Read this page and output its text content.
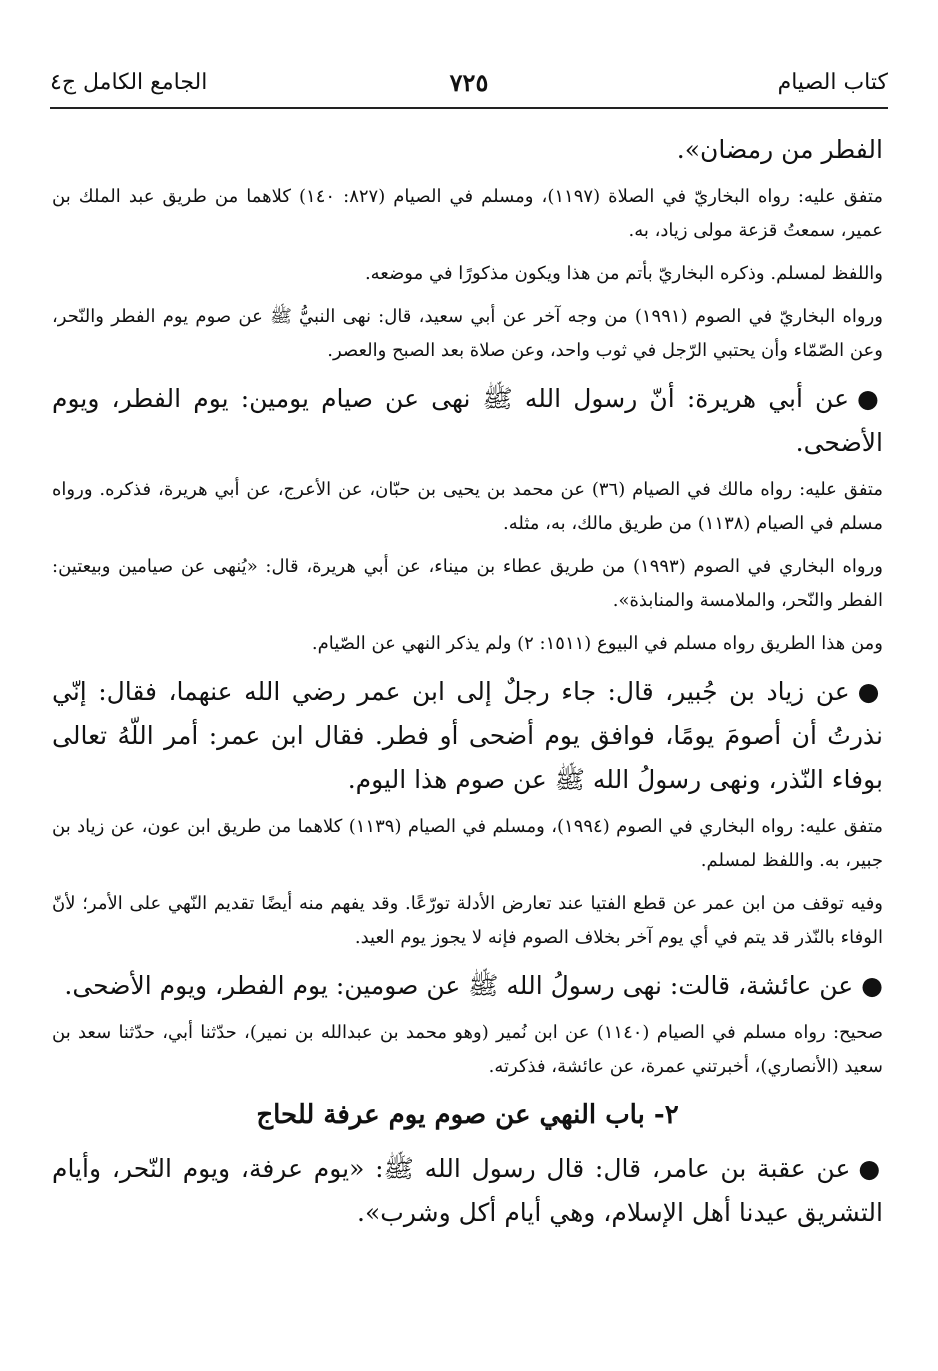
كتاب الصيام
٧٢٥
الجامع الكامل ج٤

الفطر من رمضان».

متفق عليه: رواه البخاريّ في الصلاة (١١٩٧)، ومسلم في الصيام (٨٢٧: ١٤٠) كلاهما من طريق عبد الملك بن عمير، سمعتُ قزعة مولى زياد، به.

واللفظ لمسلم. وذكره البخاريّ بأتم من هذا ويكون مذكورًا في موضعه.

ورواه البخاريّ في الصوم (١٩٩١) من وجه آخر عن أبي سعيد، قال: نهى النبيُّ ﷺ عن صوم يوم الفطر والنّحر، وعن الصّمّاء وأن يحتبي الرّجل في ثوب واحد، وعن صلاة بعد الصبح والعصر.

●عن أبي هريرة: أنّ رسول الله ﷺ نهى عن صيام يومين: يوم الفطر، ويوم الأضحى.

متفق عليه: رواه مالك في الصيام (٣٦) عن محمد بن يحيى بن حبّان، عن الأعرج، عن أبي هريرة، فذكره. ورواه مسلم في الصيام (١١٣٨) من طريق مالك، به، مثله.

ورواه البخاري في الصوم (١٩٩٣) من طريق عطاء بن ميناء، عن أبي هريرة، قال: «يُنهى عن صيامين وبيعتين: الفطر والنّحر، والملامسة والمنابذة».

ومن هذا الطريق رواه مسلم في البيوع (١٥١١: ٢) ولم يذكر النهي عن الصّيام.

●عن زياد بن جُبير، قال: جاء رجلٌ إلى ابن عمر رضي الله عنهما، فقال: إنّي نذرتُ أن أصومَ يومًا، فوافق يوم أضحى أو فطر. فقال ابن عمر: أمر اللّهُ تعالى بوفاء النّذر، ونهى رسولُ الله ﷺ عن صوم هذا اليوم.

متفق عليه: رواه البخاري في الصوم (١٩٩٤)، ومسلم في الصيام (١١٣٩) كلاهما من طريق ابن عون، عن زياد بن جبير، به. واللفظ لمسلم.

وفيه توقف من ابن عمر عن قطع الفتيا عند تعارض الأدلة تورّعًا. وقد يفهم منه أيضًا تقديم النّهي على الأمر؛ لأنّ الوفاء بالنّذر قد يتم في أي يوم آخر بخلاف الصوم فإنه لا يجوز يوم العيد.

●عن عائشة، قالت: نهى رسولُ الله ﷺ عن صومين: يوم الفطر، ويوم الأضحى.

صحيح: رواه مسلم في الصيام (١١٤٠) عن ابن نُمير (وهو محمد بن عبدالله بن نمير)، حدّثنا أبي، حدّثنا سعد بن سعيد (الأنصاري)، أخبرتني عمرة، عن عائشة، فذكرته.

٢- باب النهي عن صوم يوم عرفة للحاج

●عن عقبة بن عامر، قال: قال رسول الله ﷺ: «يوم عرفة، ويوم النّحر، وأيام التشريق عيدنا أهل الإسلام، وهي أيام أكل وشرب».
